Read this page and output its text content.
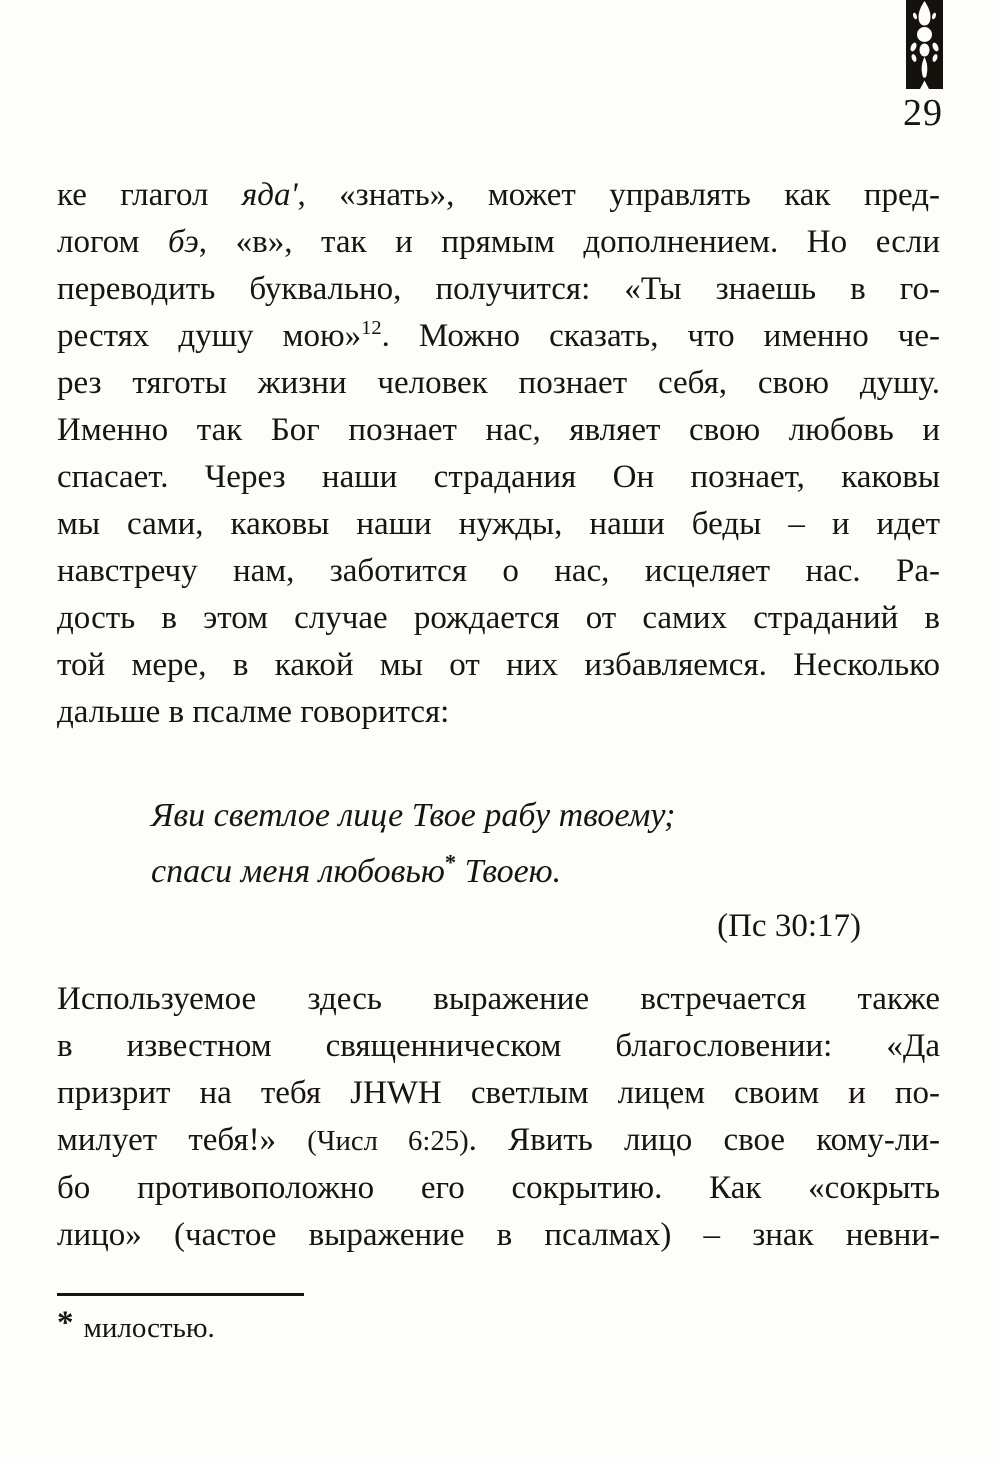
29
ке глагол яда', «знать», может управлять как пред-
логом бэ, «в», так и прямым дополнением. Но если
переводить буквально, получится: «Ты знаешь в го-
рестях душу мою»$^{12}$. Можно сказать, что именно че-
рез тяготы жизни человек познает себя, свою душу.
Именно так Бог познает нас, являет свою любовь и
спасает. Через наши страдания Он познает, каковы
мы сами, каковы наши нужды, наши беды – и идет
навстречу нам, заботится о нас, исцеляет нас. Ра-
дость в этом случае рождается от самих страданий в
той мере, в какой мы от них избавляемся. Несколько
дальше в псалме говорится:
Яви светлое лице Твое рабу твоему;
спаси меня любовью* Твоею.
(Пс 30:17)
Используемое здесь выражение встречается также
в известном священническом благословении: «Да
призрит на тебя JHWH светлым лицем своим и по-
милует тебя!» (Числ 6:25). Явить лицо свое кому-ли-
бо противоположно его сокрытию. Как «сокрыть
лицо» (частое выражение в псалмах) – знак невни-
* милостью.
